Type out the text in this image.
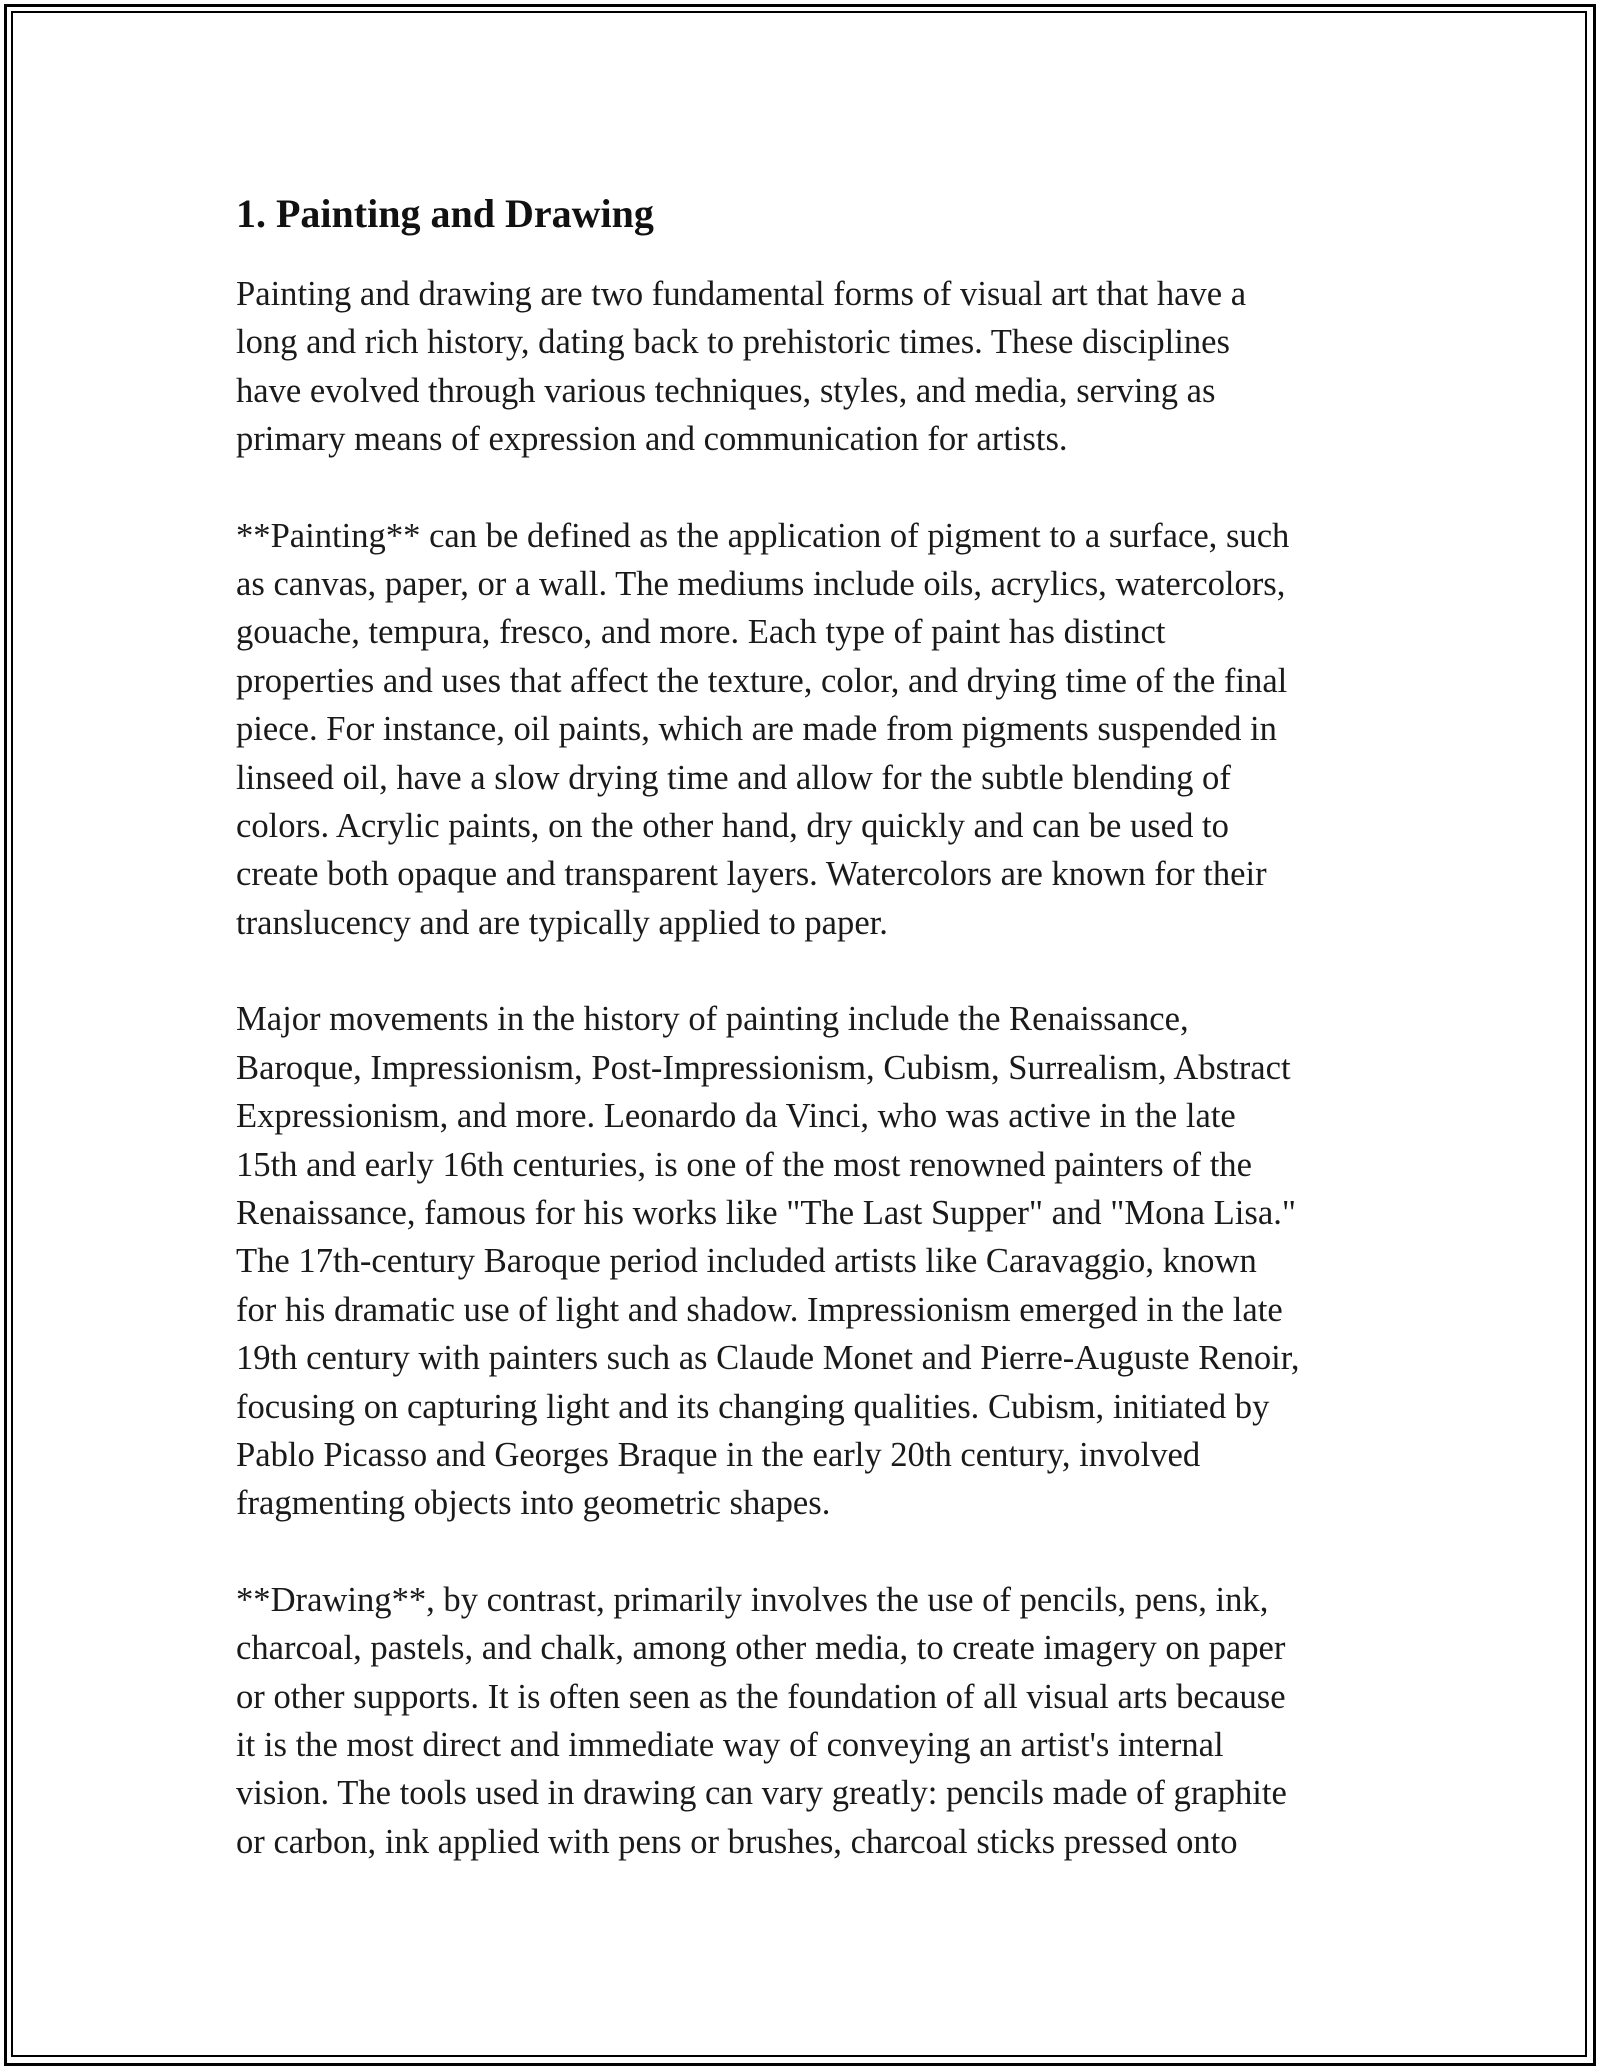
1. Painting and Drawing

Painting and drawing are two fundamental forms of visual art that have a
long and rich history, dating back to prehistoric times. These disciplines
have evolved through various techniques, styles, and media, serving as
primary means of expression and communication for artists.

**Painting** can be defined as the application of pigment to a surface, such
as canvas, paper, or a wall. The mediums include oils, acrylics, watercolors,
gouache, tempura, fresco, and more. Each type of paint has distinct
properties and uses that affect the texture, color, and drying time of the final
piece. For instance, oil paints, which are made from pigments suspended in
linseed oil, have a slow drying time and allow for the subtle blending of
colors. Acrylic paints, on the other hand, dry quickly and can be used to
create both opaque and transparent layers. Watercolors are known for their
translucency and are typically applied to paper.

Major movements in the history of painting include the Renaissance,
Baroque, Impressionism, Post-Impressionism, Cubism, Surrealism, Abstract
Expressionism, and more. Leonardo da Vinci, who was active in the late
15th and early 16th centuries, is one of the most renowned painters of the
Renaissance, famous for his works like "The Last Supper" and "Mona Lisa."
The 17th-century Baroque period included artists like Caravaggio, known
for his dramatic use of light and shadow. Impressionism emerged in the late
19th century with painters such as Claude Monet and Pierre-Auguste Renoir,
focusing on capturing light and its changing qualities. Cubism, initiated by
Pablo Picasso and Georges Braque in the early 20th century, involved
fragmenting objects into geometric shapes.

**Drawing**, by contrast, primarily involves the use of pencils, pens, ink,
charcoal, pastels, and chalk, among other media, to create imagery on paper
or other supports. It is often seen as the foundation of all visual arts because
it is the most direct and immediate way of conveying an artist's internal
vision. The tools used in drawing can vary greatly: pencils made of graphite
or carbon, ink applied with pens or brushes, charcoal sticks pressed onto
